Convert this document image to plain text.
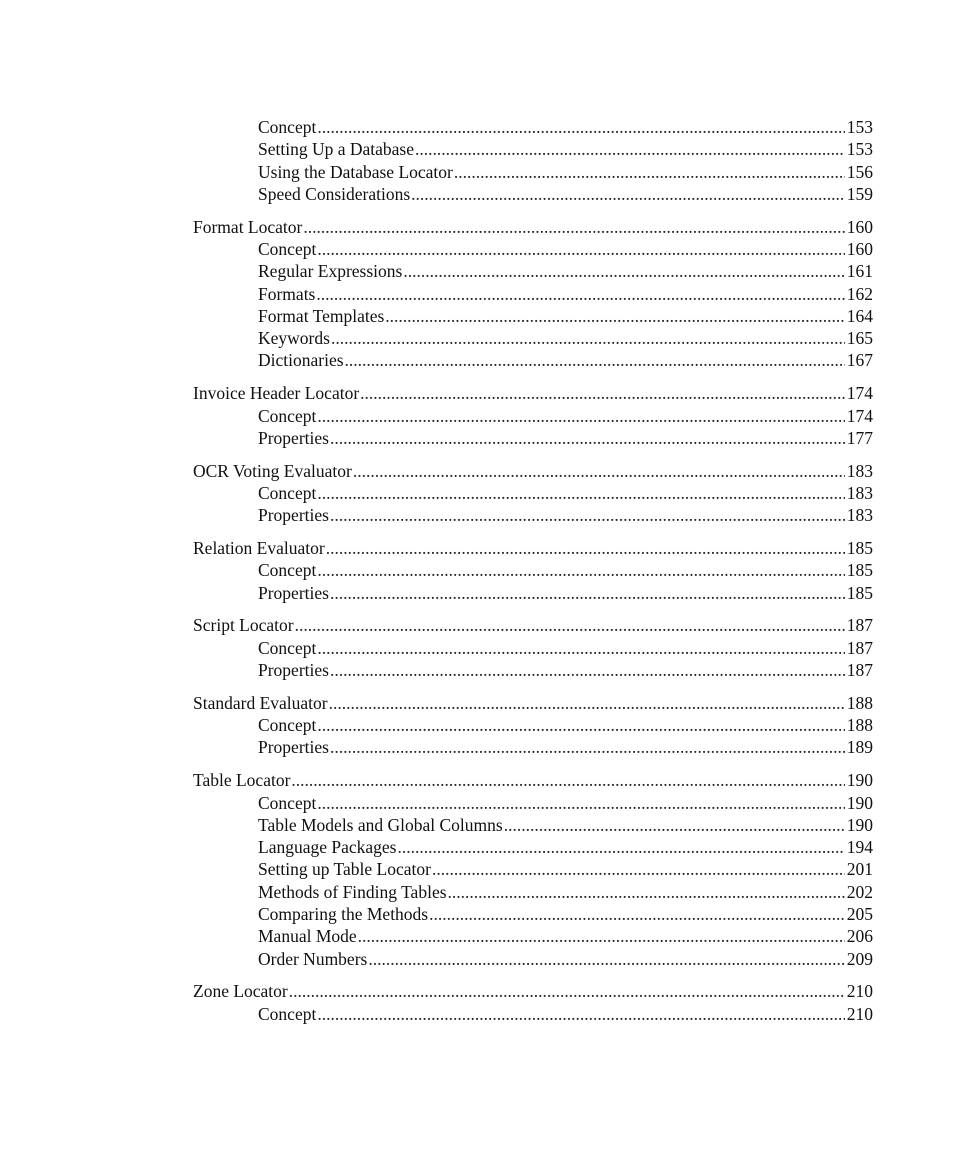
Concept .....	153
Setting Up a Database .....	153
Using the Database Locator .....	156
Speed Considerations .....	159
Format Locator .....	160
Concept .....	160
Regular Expressions .....	161
Formats .....	162
Format Templates .....	164
Keywords .....	165
Dictionaries .....	167
Invoice Header Locator .....	174
Concept .....	174
Properties .....	177
OCR Voting Evaluator .....	183
Concept .....	183
Properties .....	183
Relation Evaluator .....	185
Concept .....	185
Properties .....	185
Script Locator .....	187
Concept .....	187
Properties .....	187
Standard Evaluator .....	188
Concept .....	188
Properties .....	189
Table Locator .....	190
Concept .....	190
Table Models and Global Columns .....	190
Language Packages .....	194
Setting up Table Locator .....	201
Methods of Finding Tables .....	202
Comparing the Methods .....	205
Manual Mode .....	206
Order Numbers .....	209
Zone Locator .....	210
Concept .....	210
